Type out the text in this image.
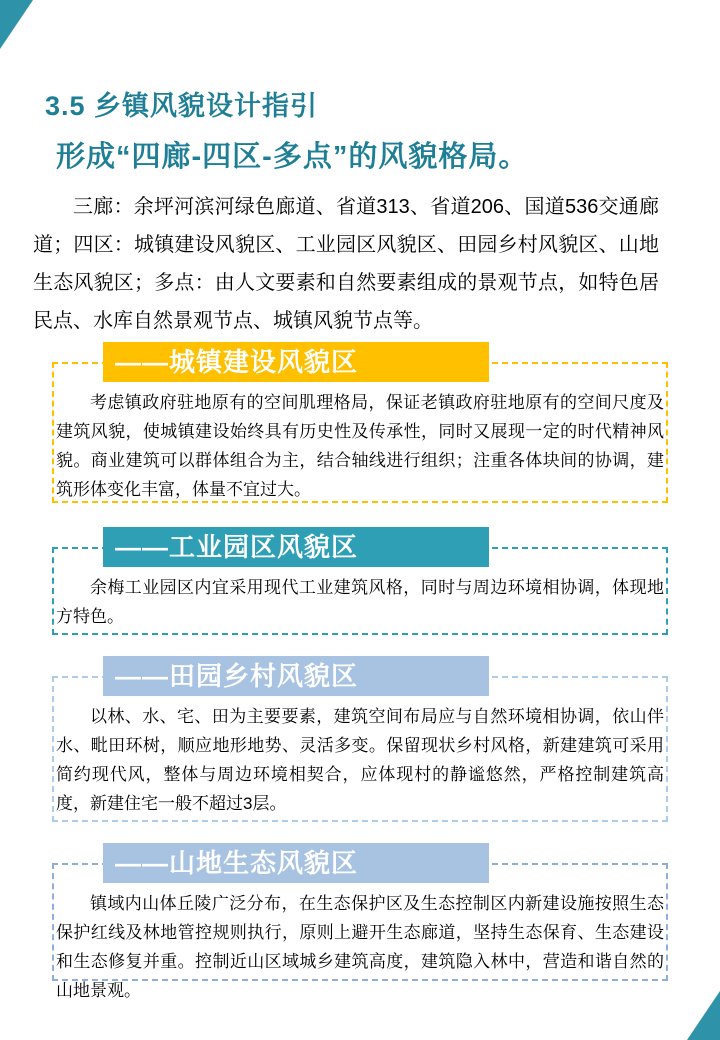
3.5 乡镇风貌设计指引
形成“四廊-四区-多点”的风貌格局。

三廊：余坪河滨河绿色廊道、省道313、省道206、国道536交通廊道；四区：城镇建设风貌区、工业园区风貌区、田园乡村风貌区、山地生态风貌区；多点：由人文要素和自然要素组成的景观节点，如特色居民点、水库自然景观节点、城镇风貌节点等。

——城镇建设风貌区

考虑镇政府驻地原有的空间肌理格局，保证老镇政府驻地原有的空间尺度及建筑风貌，使城镇建设始终具有历史性及传承性，同时又展现一定的时代精神风貌。商业建筑可以群体组合为主，结合轴线进行组织；注重各体块间的协调，建筑形体变化丰富，体量不宜过大。

——工业园区风貌区

余梅工业园区内宜采用现代工业建筑风格，同时与周边环境相协调，体现地方特色。

——田园乡村风貌区

以林、水、宅、田为主要要素，建筑空间布局应与自然环境相协调，依山伴水、毗田环树，顺应地形地势、灵活多变。保留现状乡村风格，新建建筑可采用简约现代风，整体与周边环境相契合，应体现村的静谧悠然，严格控制建筑高度，新建住宅一般不超过3层。

——山地生态风貌区

镇域内山体丘陵广泛分布，在生态保护区及生态控制区内新建设施按照生态保护红线及林地管控规则执行，原则上避开生态廊道，坚持生态保育、生态建设和生态修复并重。控制近山区域城乡建筑高度，建筑隐入林中，营造和谐自然的山地景观。
